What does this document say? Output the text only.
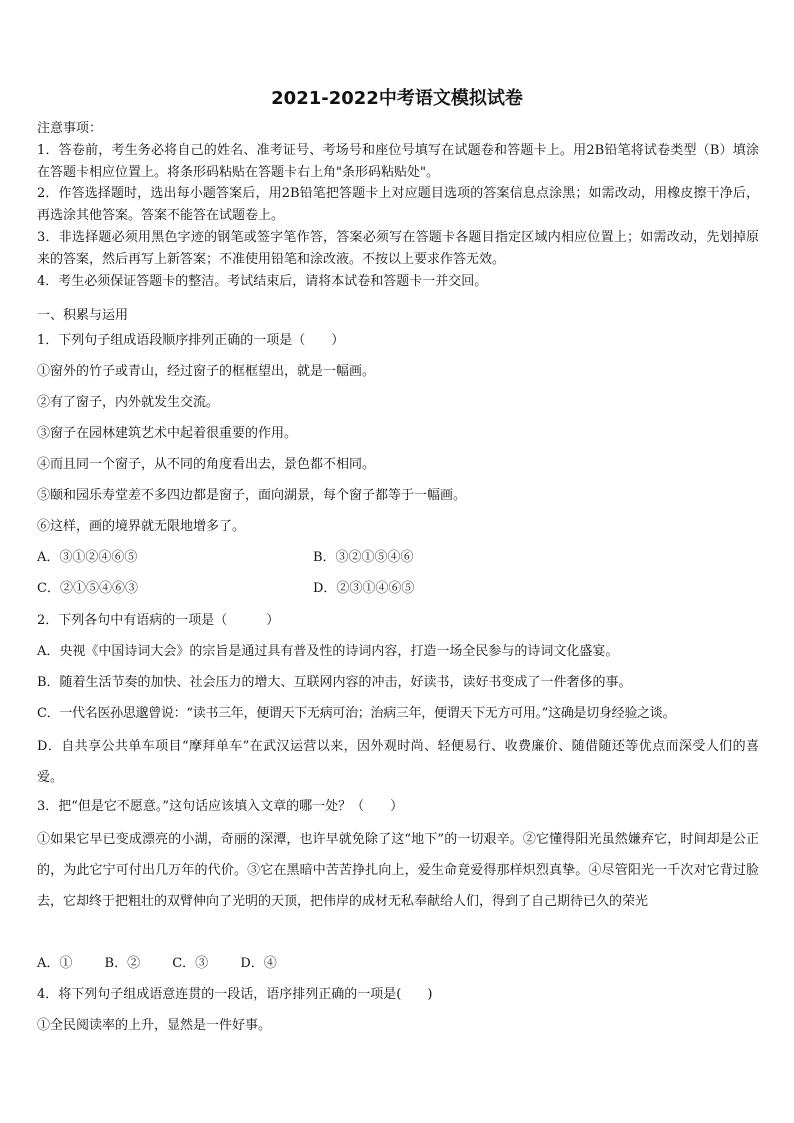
2021-2022中考语文模拟试卷

注意事项：

1．答卷前，考生务必将自己的姓名、准考证号、考场号和座位号填写在试题卷和答题卡上。用2B铅笔将试卷类型（B）填涂在答题卡相应位置上。将条形码粘贴在答题卡右上角"条形码粘贴处"。

2．作答选择题时，选出每小题答案后，用2B铅笔把答题卡上对应题目选项的答案信息点涂黑；如需改动，用橡皮擦干净后，再选涂其他答案。答案不能答在试题卷上。

3．非选择题必须用黑色字迹的钢笔或签字笔作答，答案必须写在答题卡各题目指定区域内相应位置上；如需改动，先划掉原来的答案，然后再写上新答案；不准使用铅笔和涂改液。不按以上要求作答无效。

4．考生必须保证答题卡的整洁。考试结束后，请将本试卷和答题卡一并交回。

一、积累与运用
1．下列句子组成语段顺序排列正确的一项是（　　）
①窗外的竹子或青山，经过窗子的框框望出，就是一幅画。
②有了窗子，内外就发生交流。
③窗子在园林建筑艺术中起着很重要的作用。
④而且同一个窗子，从不同的角度看出去，景色都不相同。
⑤颐和园乐寿堂差不多四边都是窗子，面向湖景，每个窗子都等于一幅画。
⑥这样，画的境界就无限地增多了。
A．③①②④⑥⑤	B．③②①⑤④⑥
C．②①⑤④⑥③	D．②③①④⑥⑤
2．下列各句中有语病的一项是（　　　）
A．央视《中国诗词大会》的宗旨是通过具有普及性的诗词内容，打造一场全民参与的诗词文化盛宴。
B．随着生活节奏的加快、社会压力的增大、互联网内容的冲击，好读书，读好书变成了一件奢侈的事。
C．一代名医孙思邈曾说：“读书三年，便谓天下无病可治；治病三年，便谓天下无方可用。”这确是切身经验之谈。
D．自共享公共单车项目“摩拜单车”在武汉运营以来，因外观时尚、轻便易行、收费廉价、随借随还等优点而深受人们的喜爱。
3．把“但是它不愿意。”这句话应该填入文章的哪一处？（　　）
①如果它早已变成漂亮的小湖，奇丽的深潭，也许早就免除了这“地下”的一切艰辛。②它懂得阳光虽然嫌弃它，时间却是公正的，为此它宁可付出几万年的代价。③它在黑暗中苦苦挣扎向上，爱生命竟爱得那样炽烈真挚。④尽管阳光一千次对它背过脸去，它却终于把粗壮的双臂伸向了光明的天顶，把伟岸的成材无私奉献给人们，得到了自己期待已久的荣光
A．① B．② C．③ D．④
4．将下列句子组成语意连贯的一段话，语序排列正确的一项是(　　)
①全民阅读率的上升，显然是一件好事。
